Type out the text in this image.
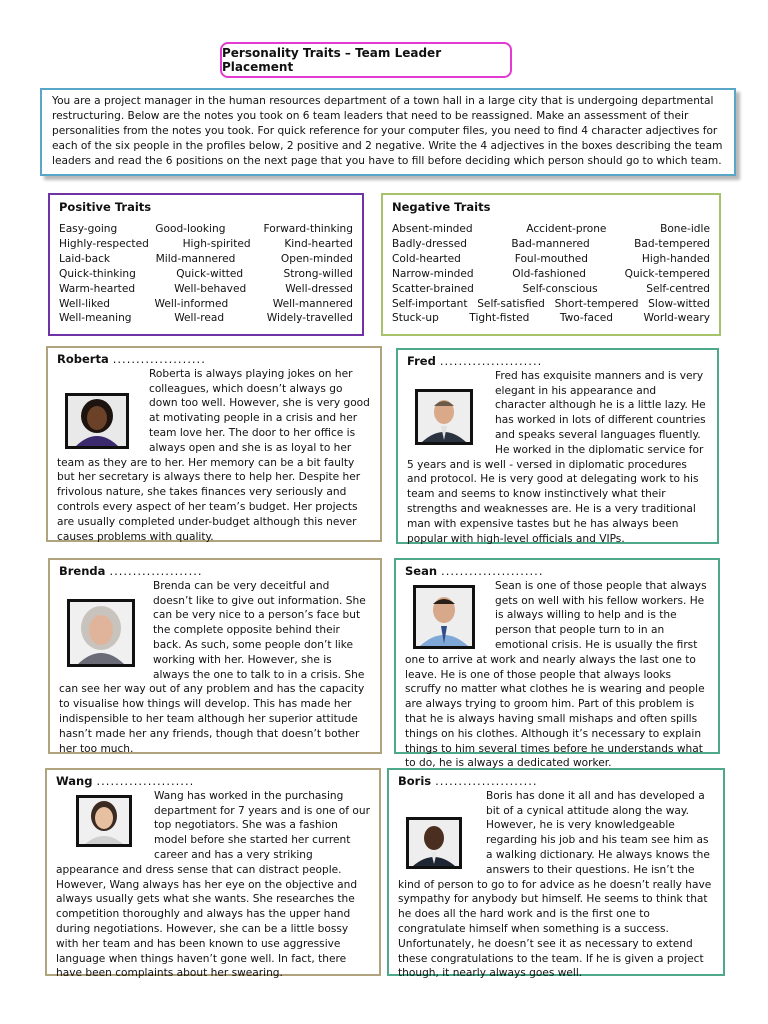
Personality Traits – Team Leader Placement
You are a project manager in the human resources department of a town hall in a large city that is undergoing departmental restructuring. Below are the notes you took on 6 team leaders that need to be reassigned. Make an assessment of their personalities from the notes you took. For quick reference for your computer files, you need to find 4 character adjectives for each of the six people in the profiles below, 2 positive and 2 negative. Write the 4 adjectives in the boxes describing the team leaders and read the 6 positions on the next page that you have to fill before deciding which person should go to which team.
Positive Traits
Easy-going	Good-looking	Forward-thinking
Highly-respected	High-spirited	Kind-hearted
Laid-back	Mild-mannered	Open-minded
Quick-thinking	Quick-witted	Strong-willed
Warm-hearted	Well-behaved	Well-dressed
Well-liked	Well-informed	Well-mannered
Well-meaning	Well-read	Widely-travelled
Negative Traits
Absent-minded	Accident-prone	Bone-idle
Badly-dressed	Bad-mannered	Bad-tempered
Cold-hearted	Foul-mouthed	High-handed
Narrow-minded	Old-fashioned	Quick-tempered
Scatter-brained	Self-conscious	Self-centred
Self-important Self-satisfied Short-tempered Slow-witted
Stuck-up	Tight-fisted	Two-faced	World-weary
Roberta ....................
Roberta is always playing jokes on her colleagues, which doesn’t always go down too well. However, she is very good at motivating people in a crisis and her team love her. The door to her office is always open and she is as loyal to her team as they are to her. Her memory can be a bit faulty but her secretary is always there to help her. Despite her frivolous nature, she takes finances very seriously and controls every aspect of her team’s budget. Her projects are usually completed under-budget although this never causes problems with quality.
Fred ......................
Fred has exquisite manners and is very elegant in his appearance and character although he is a little lazy. He has worked in lots of different countries and speaks several languages fluently. He worked in the diplomatic service for 5 years and is well - versed in diplomatic procedures and protocol. He is very good at delegating work to his team and seems to know instinctively what their strengths and weaknesses are. He is a very traditional man with expensive tastes but he has always been popular with high-level officials and VIPs.
Brenda ....................
Brenda can be very deceitful and doesn’t like to give out information. She can be very nice to a person’s face but the complete opposite behind their back. As such, some people don’t like working with her. However, she is always the one to talk to in a crisis. She can see her way out of any problem and has the capacity to visualise how things will develop. This has made her indispensible to her team although her superior attitude hasn’t made her any friends, though that doesn’t bother her too much.
Sean ......................
Sean is one of those people that always gets on well with his fellow workers. He is always willing to help and is the person that people turn to in an emotional crisis. He is usually the first one to arrive at work and nearly always the last one to leave. He is one of those people that always looks scruffy no matter what clothes he is wearing and people are always trying to groom him. Part of this problem is that he is always having small mishaps and often spills things on his clothes. Although it’s necessary to explain things to him several times before he understands what to do, he is always a dedicated worker.
Wang .....................
Wang has worked in the purchasing department for 7 years and is one of our top negotiators. She was a fashion model before she started her current career and has a very striking appearance and dress sense that can distract people. However, Wang always has her eye on the objective and always usually gets what she wants. She researches the competition thoroughly and always has the upper hand during negotiations. However, she can be a little bossy with her team and has been known to use aggressive language when things haven’t gone well. In fact, there have been complaints about her swearing.
Boris ......................
Boris has done it all and has developed a bit of a cynical attitude along the way. However, he is very knowledgeable regarding his job and his team see him as a walking dictionary. He always knows the answers to their questions. He isn’t the kind of person to go to for advice as he doesn’t really have sympathy for anybody but himself. He seems to think that he does all the hard work and is the first one to congratulate himself when something is a success. Unfortunately, he doesn’t see it as necessary to extend these congratulations to the team. If he is given a project though, it nearly always goes well.
